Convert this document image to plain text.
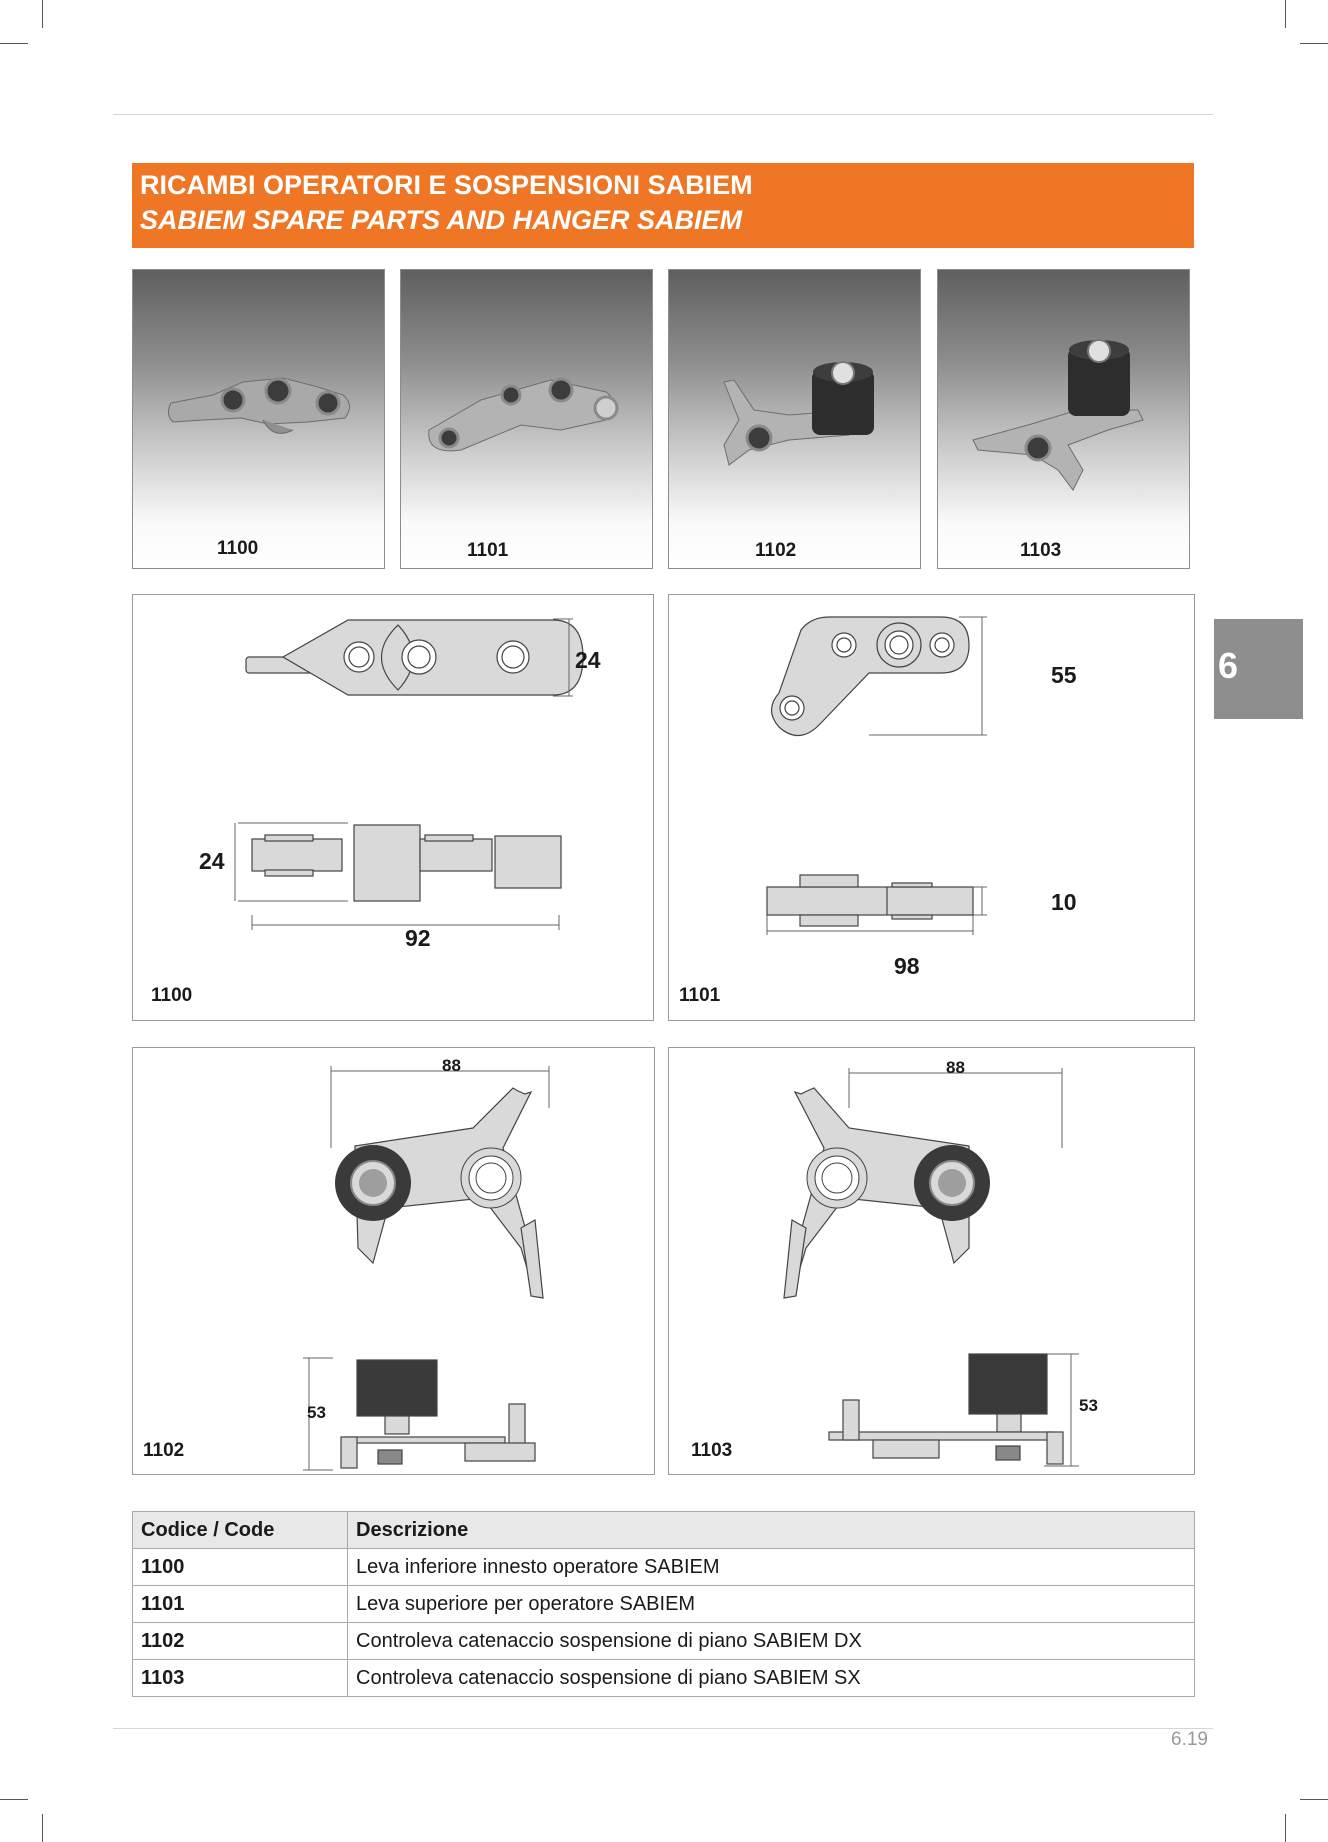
RICAMBI OPERATORI E SOSPENSIONI SABIEM
SABIEM SPARE PARTS AND HANGER SABIEM
1100	1101	1102	1103
24
24
92
1100
55
10
98
1101
88
53
1102
88
53
1103
6
Codice / Code	Descrizione
1100	Leva inferiore innesto operatore SABIEM
1101	Leva superiore per operatore SABIEM
1102	Controleva catenaccio sospensione di piano SABIEM DX
1103	Controleva catenaccio sospensione di piano SABIEM SX
6.19
